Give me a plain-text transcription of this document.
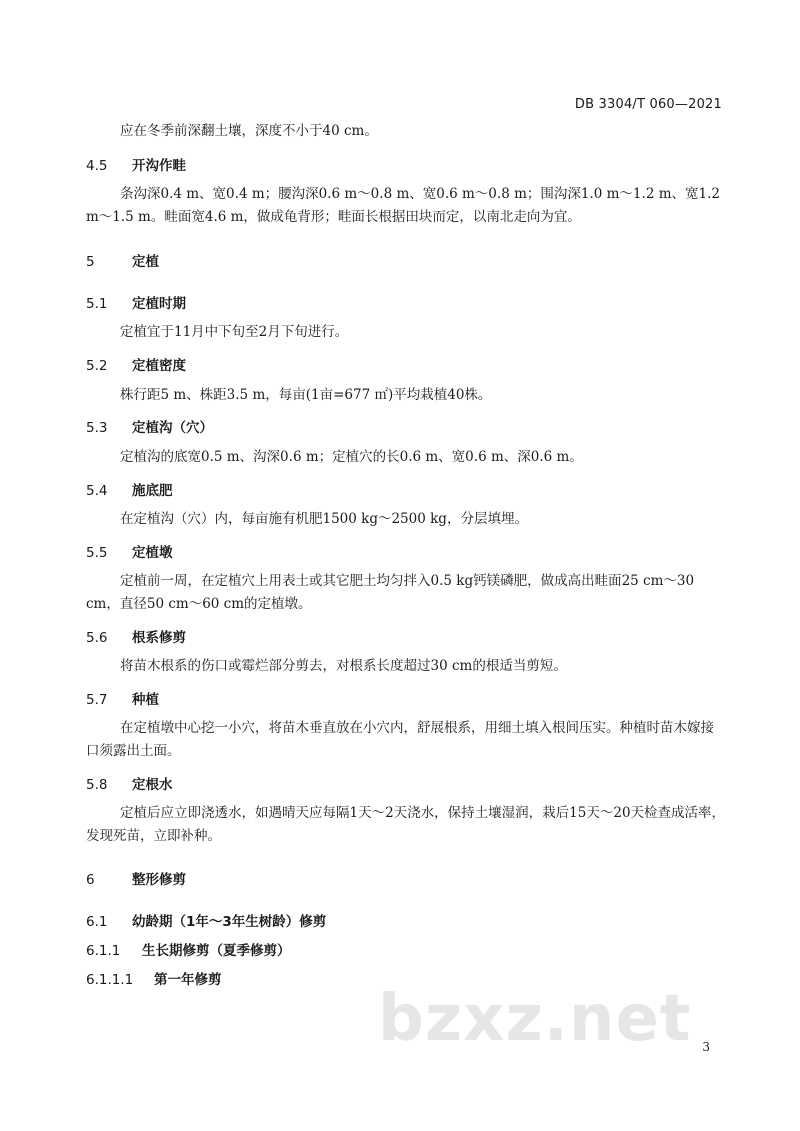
DB 3304/T 060—2021

应在冬季前深翻土壤，深度不小于40 cm。

4.5 开沟作畦

条沟深0.4 m、宽0.4 m；腰沟深0.6 m～0.8 m、宽0.6 m～0.8 m；围沟深1.0 m～1.2 m、宽1.2 m～1.5 m。畦面宽4.6 m，做成龟背形；畦面长根据田块而定，以南北走向为宜。

5	定植
5.1 定植时期

定植宜于11月中下旬至2月下旬进行。

5.2 定植密度

株行距5 m、株距3.5 m，每亩(1亩=677 ㎡)平均栽植40株。

5.3 定植沟（穴）

定植沟的底宽0.5 m、沟深0.6 m；定植穴的长0.6 m、宽0.6 m、深0.6 m。

5.4 施底肥

在定植沟（穴）内，每亩施有机肥1500 kg～2500 kg，分层填埋。

5.5 定植墩

定植前一周，在定植穴上用表土或其它肥土均匀拌入0.5 kg钙镁磷肥，做成高出畦面25 cm～30 cm，直径50 cm～60 cm的定植墩。

5.6 根系修剪

将苗木根系的伤口或霉烂部分剪去，对根系长度超过30 cm的根适当剪短。

5.7 种植

在定植墩中心挖一小穴，将苗木垂直放在小穴内，舒展根系，用细土填入根间压实。种植时苗木嫁接口须露出土面。

5.8 定根水

定植后应立即浇透水，如遇晴天应每隔1天～2天浇水，保持土壤湿润，栽后15天～20天检查成活率，发现死苗，立即补种。

6	整形修剪
6.1 幼龄期（1年～3年生树龄）修剪
6.1.1 生长期修剪（夏季修剪）
6.1.1.1 第一年修剪
bzxz.net 3
